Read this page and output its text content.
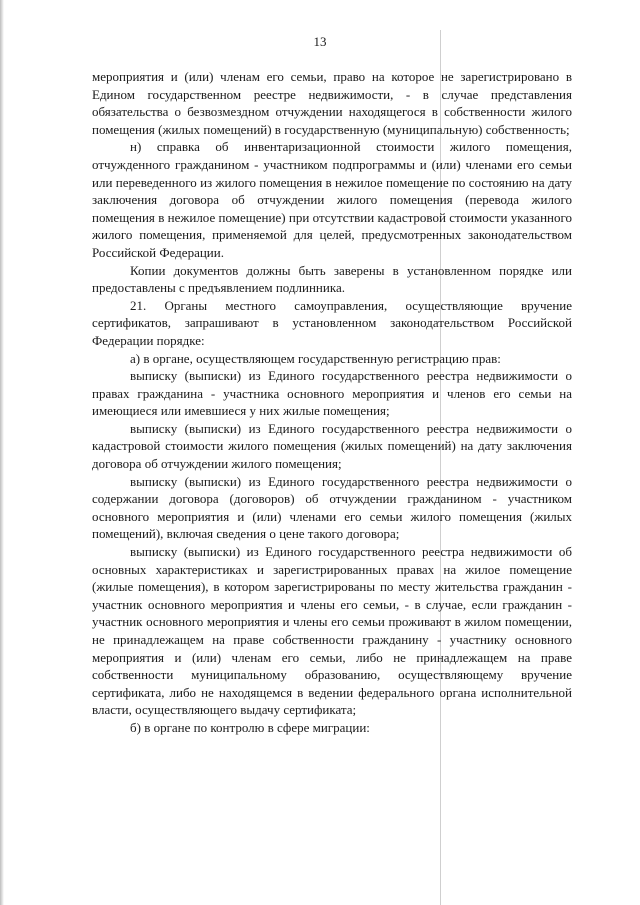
13

мероприятия и (или) членам его семьи, право на которое не зарегистрировано в Едином государственном реестре недвижимости, - в случае представления обязательства о безвозмездном отчуждении находящегося в собственности жилого помещения (жилых помещений) в государственную (муниципальную) собственность;

н) справка об инвентаризационной стоимости жилого помещения, отчужденного гражданином - участником подпрограммы и (или) членами его семьи или переведенного из жилого помещения в нежилое помещение по состоянию на дату заключения договора об отчуждении жилого помещения (перевода жилого помещения в нежилое помещение) при отсутствии кадастровой стоимости указанного жилого помещения, применяемой для целей, предусмотренных законодательством Российской Федерации.

Копии документов должны быть заверены в установленном порядке или предоставлены с предъявлением подлинника.

21. Органы местного самоуправления, осуществляющие вручение сертификатов, запрашивают в установленном законодательством Российской Федерации порядке:

а) в органе, осуществляющем государственную регистрацию прав:

выписку (выписки) из Единого государственного реестра недвижимости о правах гражданина - участника основного мероприятия и членов его семьи на имеющиеся или имевшиеся у них жилые помещения;

выписку (выписки) из Единого государственного реестра недвижимости о кадастровой стоимости жилого помещения (жилых помещений) на дату заключения договора об отчуждении жилого помещения;

выписку (выписки) из Единого государственного реестра недвижимости о содержании договора (договоров) об отчуждении гражданином - участником основного мероприятия и (или) членами его семьи жилого помещения (жилых помещений), включая сведения о цене такого договора;

выписку (выписки) из Единого государственного реестра недвижимости об основных характеристиках и зарегистрированных правах на жилое помещение (жилые помещения), в котором зарегистрированы по месту жительства гражданин - участник основного мероприятия и члены его семьи, - в случае, если гражданин - участник основного мероприятия и члены его семьи проживают в жилом помещении, не принадлежащем на праве собственности гражданину - участнику основного мероприятия и (или) членам его семьи, либо не принадлежащем на праве собственности муниципальному образованию, осуществляющему вручение сертификата, либо не находящемся в ведении федерального органа исполнительной власти, осуществляющего выдачу сертификата;

б) в органе по контролю в сфере миграции:
